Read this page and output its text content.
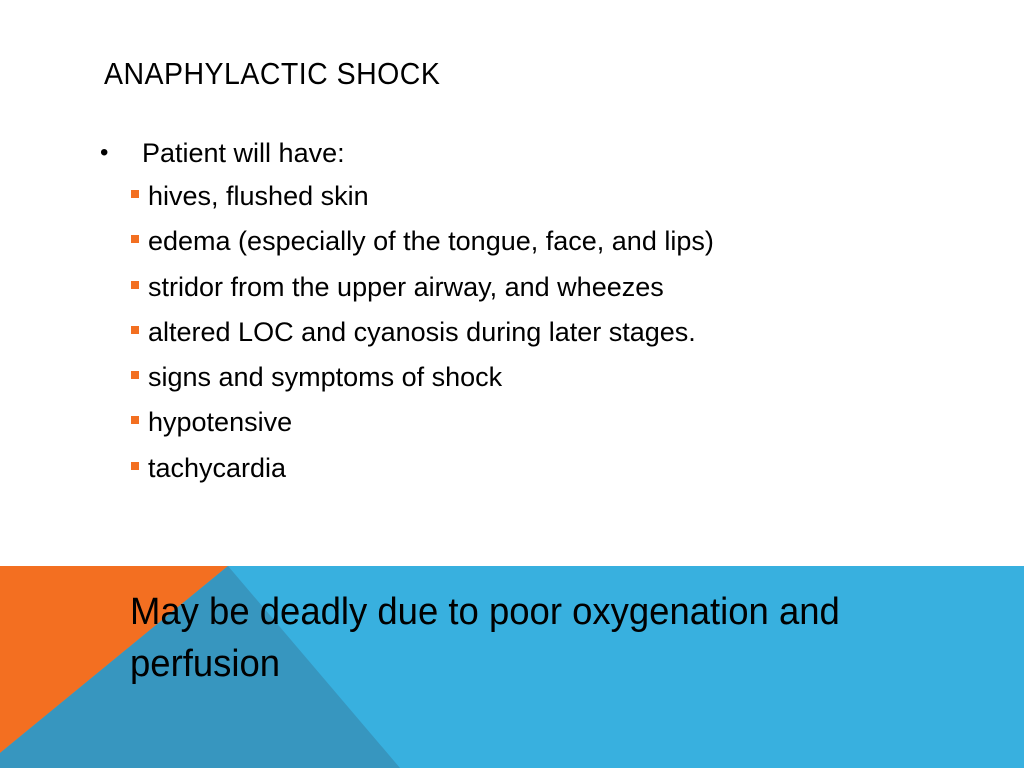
ANAPHYLACTIC SHOCK
• Patient will have:
hives, flushed skin
edema (especially of the tongue, face, and lips)
stridor from the upper airway, and wheezes
altered LOC and cyanosis during later stages.
signs and symptoms of shock
hypotensive
tachycardia

May be deadly due to poor oxygenation and perfusion
